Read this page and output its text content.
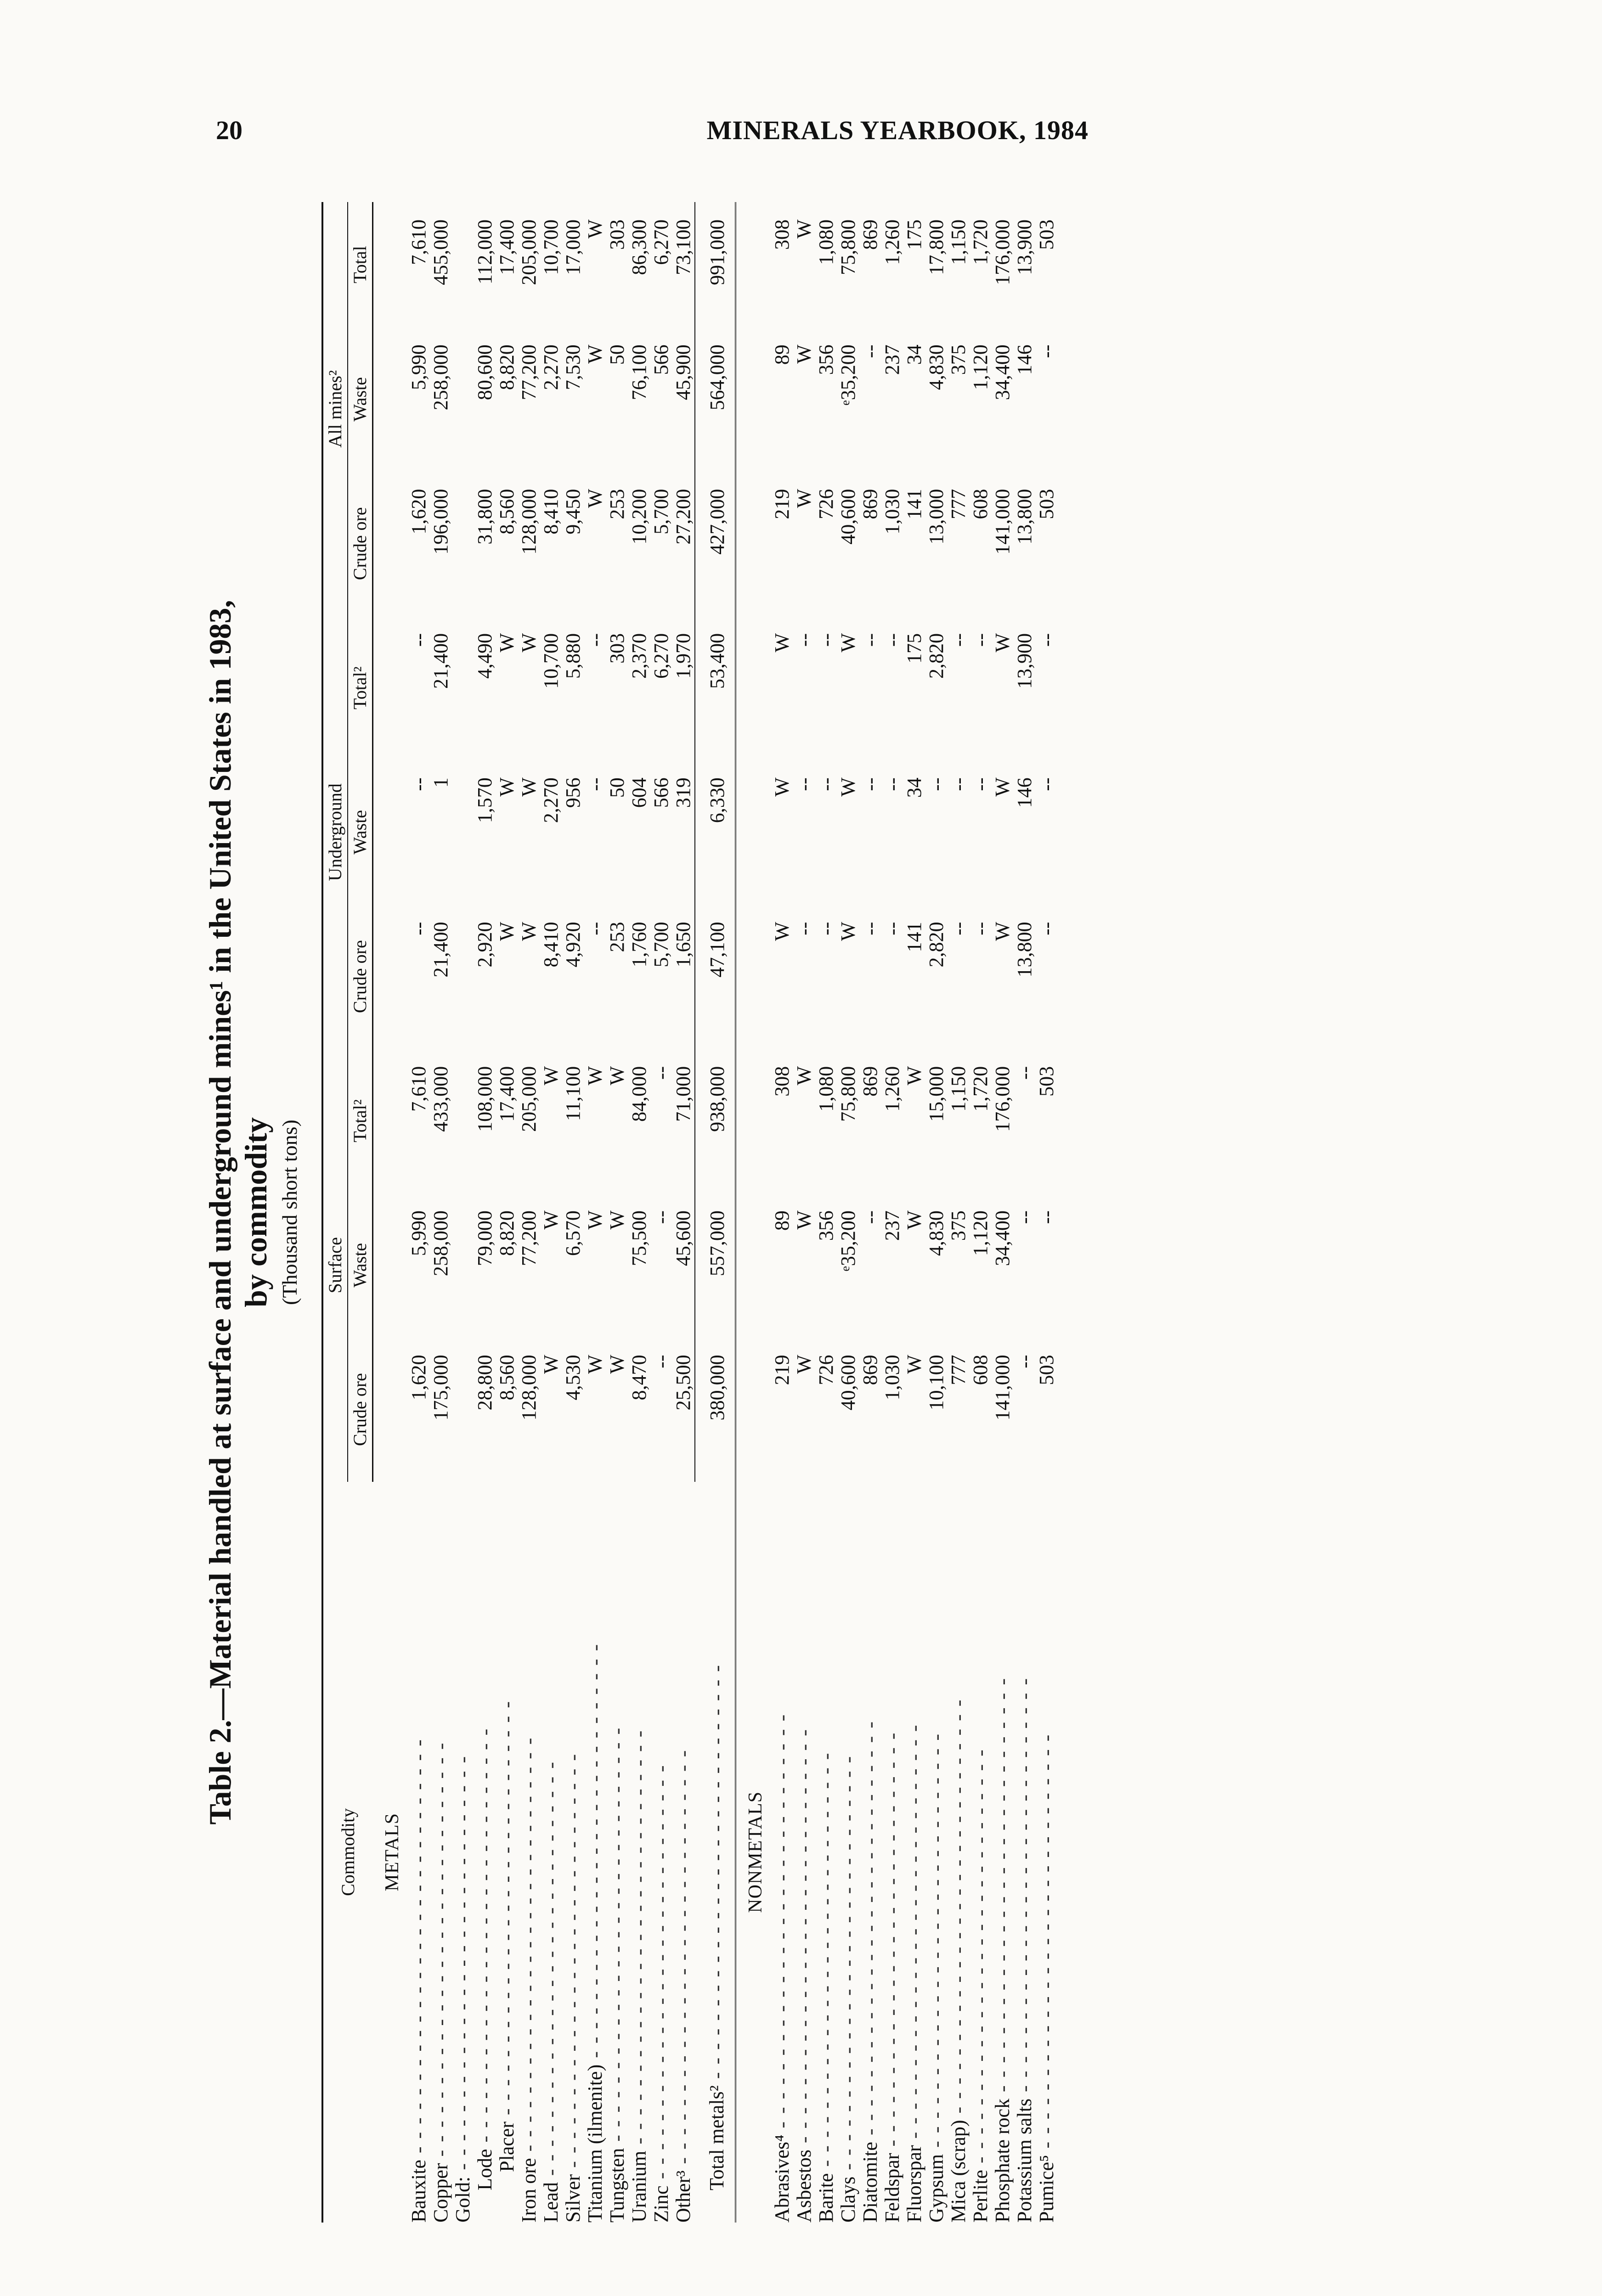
20	MINERALS YEARBOOK, 1984
Table 2.—Material handled at surface and underground mines¹ in the United States in 1983, by commodity (Thousand short tons)
Commodity	Surface			Underground			All mines²		
	Crude ore	Waste	Total²	Crude ore	Waste	Total²	Crude ore	Waste	Total
METALS									
Bauxite - - - - - - - - - - - - - - - - - - - - - - - - - - - - -	1,620	5,990	7,610	--	--	--	1,620	5,990	7,610
Copper - - - - - - - - - - - - - - - - - - - - - - - - - - - - -	175,000	258,000	433,000	21,400	1	21,400	196,000	258,000	455,000
Gold: - - - - - - - - - - - - - - - - - - - - - - - - - - - - -									
Lode - - - - - - - - - - - - - - - - - - - - - - - - - - - - -	28,800	79,000	108,000	2,920	1,570	4,490	31,800	80,600	112,000
Placer - - - - - - - - - - - - - - - - - - - - - - - - - - - - -	8,560	8,820	17,400	W	W	W	8,560	8,820	17,400
Iron ore - - - - - - - - - - - - - - - - - - - - - - - - - - - - -	128,000	77,200	205,000	W	W	W	128,000	77,200	205,000
Lead - - - - - - - - - - - - - - - - - - - - - - - - - - - - -	W	W	W	8,410	2,270	10,700	8,410	2,270	10,700
Silver - - - - - - - - - - - - - - - - - - - - - - - - - - - - -	4,530	6,570	11,100	4,920	956	5,880	9,450	7,530	17,000
Titanium (ilmenite) - - - - - - - - - - - - - - - - - - - - - - - - - - - - -	W	W	W	--	--	--	W	W	W
Tungsten - - - - - - - - - - - - - - - - - - - - - - - - - - - - -	W	W	W	253	50	303	253	50	303
Uranium - - - - - - - - - - - - - - - - - - - - - - - - - - - - -	8,470	75,500	84,000	1,760	604	2,370	10,200	76,100	86,300
Zinc - - - - - - - - - - - - - - - - - - - - - - - - - - - - -	--	--	--	5,700	566	6,270	5,700	566	6,270
Other³ - - - - - - - - - - - - - - - - - - - - - - - - - - - - -	25,500	45,600	71,000	1,650	319	1,970	27,200	45,900	73,100
Total metals² - - - - - - - - - - - - - - - - - - - - - - - - - - - - -	380,000	557,000	938,000	47,100	6,330	53,400	427,000	564,000	991,000

NONMETALS									
Abrasives⁴ - - - - - - - - - - - - - - - - - - - - - - - - - - - - -	219	89	308	W	W	W	219	89	308
Asbestos - - - - - - - - - - - - - - - - - - - - - - - - - - - - -	W	W	W	--	--	--	W	W	W
Barite - - - - - - - - - - - - - - - - - - - - - - - - - - - - -	726	356	1,080	--	--	--	726	356	1,080
Clays - - - - - - - - - - - - - - - - - - - - - - - - - - - - -	40,600	ᵉ35,200	75,800	W	W	W	40,600	ᵉ35,200	75,800
Diatomite - - - - - - - - - - - - - - - - - - - - - - - - - - - - -	869	--	869	--	--	--	869	--	869
Feldspar - - - - - - - - - - - - - - - - - - - - - - - - - - - - -	1,030	237	1,260	--	--	--	1,030	237	1,260
Fluorspar - - - - - - - - - - - - - - - - - - - - - - - - - - - - -	W	W	W	141	34	175	141	34	175
Gypsum - - - - - - - - - - - - - - - - - - - - - - - - - - - - -	10,100	4,830	15,000	2,820	--	2,820	13,000	4,830	17,800
Mica (scrap) - - - - - - - - - - - - - - - - - - - - - - - - - - - - -	777	375	1,150	--	--	--	777	375	1,150
Perlite - - - - - - - - - - - - - - - - - - - - - - - - - - - - -	608	1,120	1,720	--	--	--	608	1,120	1,720
Phosphate rock - - - - - - - - - - - - - - - - - - - - - - - - - - - - -	141,000	34,400	176,000	W	W	W	141,000	34,400	176,000
Potassium salts - - - - - - - - - - - - - - - - - - - - - - - - - - - - -	--	--	--	13,800	146	13,900	13,800	146	13,900
Pumice⁵ - - - - - - - - - - - - - - - - - - - - - - - - - - - - -	503	--	503	--	--	--	503	--	503
